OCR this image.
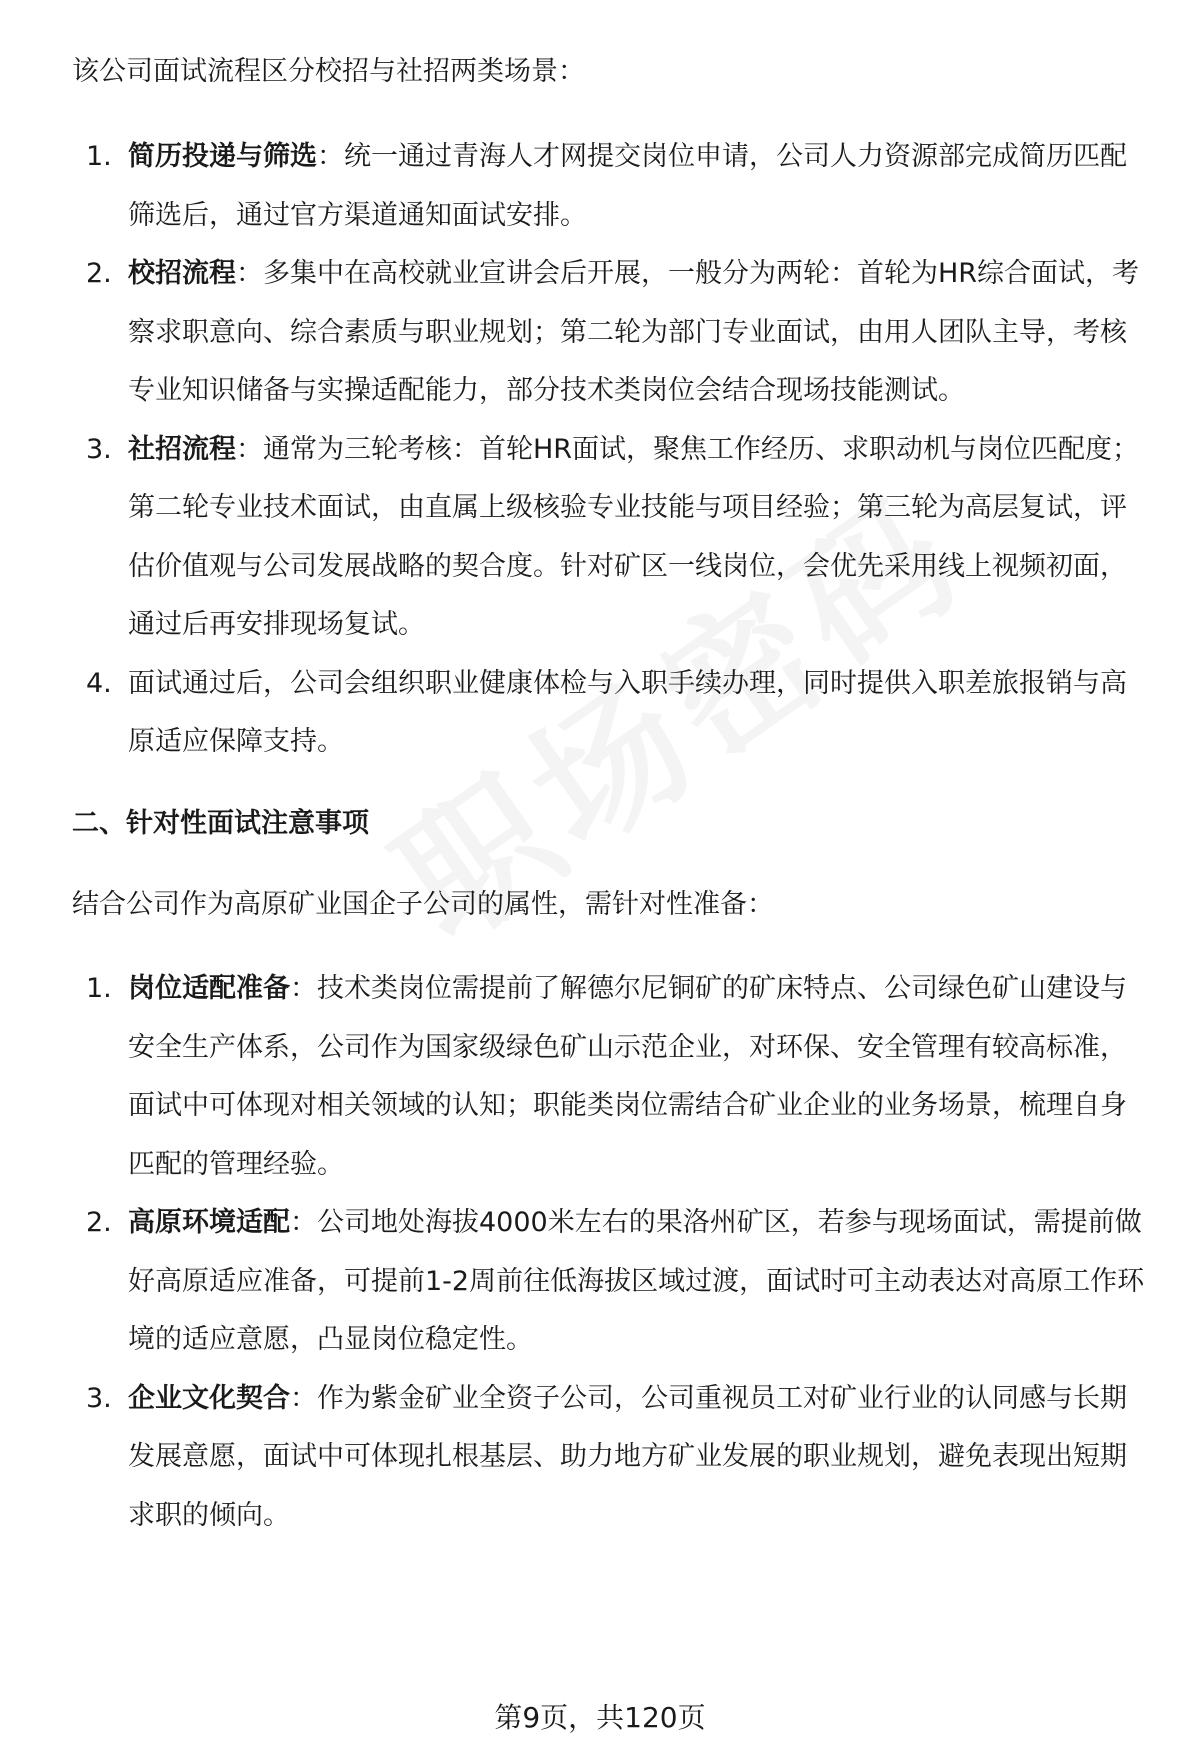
该公司面试流程区分校招与社招两类场景：

1. 简历投递与筛选：统一通过青海人才网提交岗位申请，公司人力资源部完成简历匹配筛选后，通过官方渠道通知面试安排。
2. 校招流程：多集中在高校就业宣讲会后开展，一般分为两轮：首轮为HR综合面试，考察求职意向、综合素质与职业规划；第二轮为部门专业面试，由用人团队主导，考核专业知识储备与实操适配能力，部分技术类岗位会结合现场技能测试。
3. 社招流程：通常为三轮考核：首轮HR面试，聚焦工作经历、求职动机与岗位匹配度；第二轮专业技术面试，由直属上级核验专业技能与项目经验；第三轮为高层复试，评估价值观与公司发展战略的契合度。针对矿区一线岗位，会优先采用线上视频初面，通过后再安排现场复试。
4. 面试通过后，公司会组织职业健康体检与入职手续办理，同时提供入职差旅报销与高原适应保障支持。

二、针对性面试注意事项

结合公司作为高原矿业国企子公司的属性，需针对性准备：

1. 岗位适配准备：技术类岗位需提前了解德尔尼铜矿的矿床特点、公司绿色矿山建设与安全生产体系，公司作为国家级绿色矿山示范企业，对环保、安全管理有较高标准，面试中可体现对相关领域的认知；职能类岗位需结合矿业企业的业务场景，梳理自身匹配的管理经验。
2. 高原环境适配：公司地处海拔4000米左右的果洛州矿区，若参与现场面试，需提前做好高原适应准备，可提前1-2周前往低海拔区域过渡，面试时可主动表达对高原工作环境的适应意愿，凸显岗位稳定性。
3. 企业文化契合：作为紫金矿业全资子公司，公司重视员工对矿业行业的认同感与长期发展意愿，面试中可体现扎根基层、助力地方矿业发展的职业规划，避免表现出短期求职的倾向。
第9页，共120页
